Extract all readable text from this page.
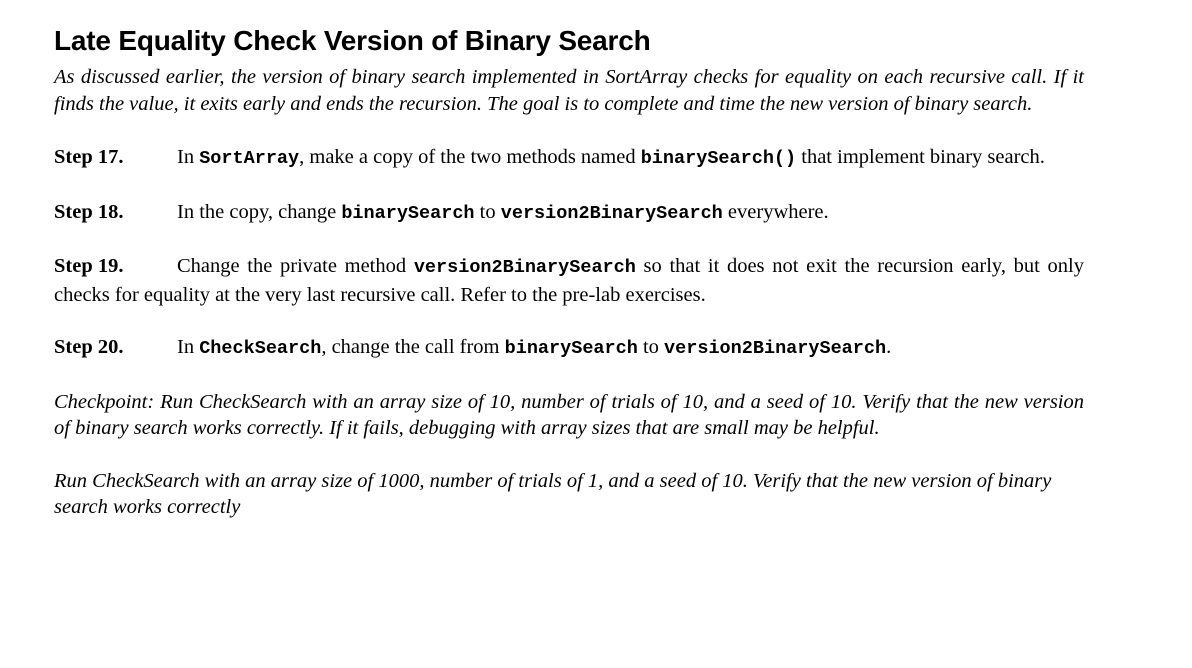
Late Equality Check Version of Binary Search

As discussed earlier, the version of binary search implemented in SortArray checks for equality on each recursive call. If it finds the value, it exits early and ends the recursion. The goal is to complete and time the new version of binary search.

Step 17.	In SortArray, make a copy of the two methods named binarySearch() that implement binary search.

Step 18.	In the copy, change binarySearch to version2BinarySearch everywhere.

Step 19.	Change the private method version2BinarySearch so that it does not exit the recursion early, but only checks for equality at the very last recursive call. Refer to the pre-lab exercises.

Step 20.	In CheckSearch, change the call from binarySearch to version2BinarySearch.

Checkpoint: Run CheckSearch with an array size of 10, number of trials of 10, and a seed of 10. Verify that the new version of binary search works correctly. If it fails, debugging with array sizes that are small may be helpful.

Run CheckSearch with an array size of 1000, number of trials of 1, and a seed of 10. Verify that the new version of binary search works correctly
